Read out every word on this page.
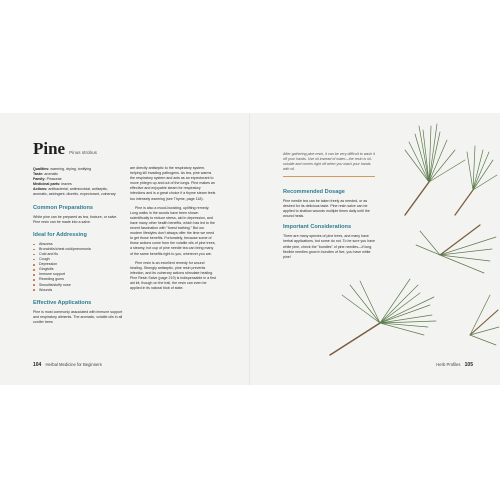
Pine Pinus strobus

Qualities: warming, drying, tonifying

Taste: aromatic

Family: Pinaceae

Medicinal parts: leaves

Actions: antibacterial, antimicrobial, antiseptic, aromatic, astringent, diuretic, expectorant, vulnerary

Common Preparations

White pine can be prepared as tea, tincture, or salve. Pine resin can be made into a salve.

Ideal for Addressing
Abscess
Bronchitis/chest cold/pneumonia
Cold and flu
Cough
Depression
Gingivitis
Immune support
Receding gums
Sinusitis/stuffy nose
Wounds
Effective Applications

Pine is most commonly associated with immune support and respiratory ailments. The aromatic, volatile oils in all conifer trees

are directly antiseptic to the respiratory system, helping kill invading pathogens. As tea, pine warms the respiratory system and acts as an expectorant to move phlegm up and out of the lungs. Pine makes an effective and enjoyable steam for respiratory infections and is a great choice if a thyme steam feels too intensely warming (see Thyme, page 118).

Pine is also a mood-boosting, uplifting remedy. Long walks in the woods have been shown scientifically to reduce stress, aid in depression, and have many other health benefits, which has led to the recent fascination with "forest bathing." But our modern lifestyles don't always offer the time we need to get those benefits. Fortunately, because some of those actions come from the volatile oils of pine trees, a steamy, hot cup of pine needle tea can bring many of the same benefits right to you, wherever you are.

Pine resin is an excellent remedy for wound healing. Strongly antiseptic, pine resin prevents infection, and its vulnerary actions stimulate healing. Pine Resin Salve (page 219) is indispensable in a first aid kit, though on the trail, the resin can even be applied in its natural blob of state.

104 Herbal Medicine for Beginners
After gathering pine resin, it can be very difficult to wash it off your hands. Use oil instead of water—the resin is oil-soluble and comes right off when you wash your hands with oil.
Recommended Dosage

Pine needle tea can be taken freely as needed, or as desired for its delicious taste. Pine resin salve can be applied to shallow wounds multiple times daily until the wound heals.

Important Considerations

There are many species of pine trees, and many have herbal applications, but some do not. To be sure you have white pine, check the "bundles" of pine needles—if long, flexible needles grow in bundles of five, you have white pine!

Herb Profiles 105
